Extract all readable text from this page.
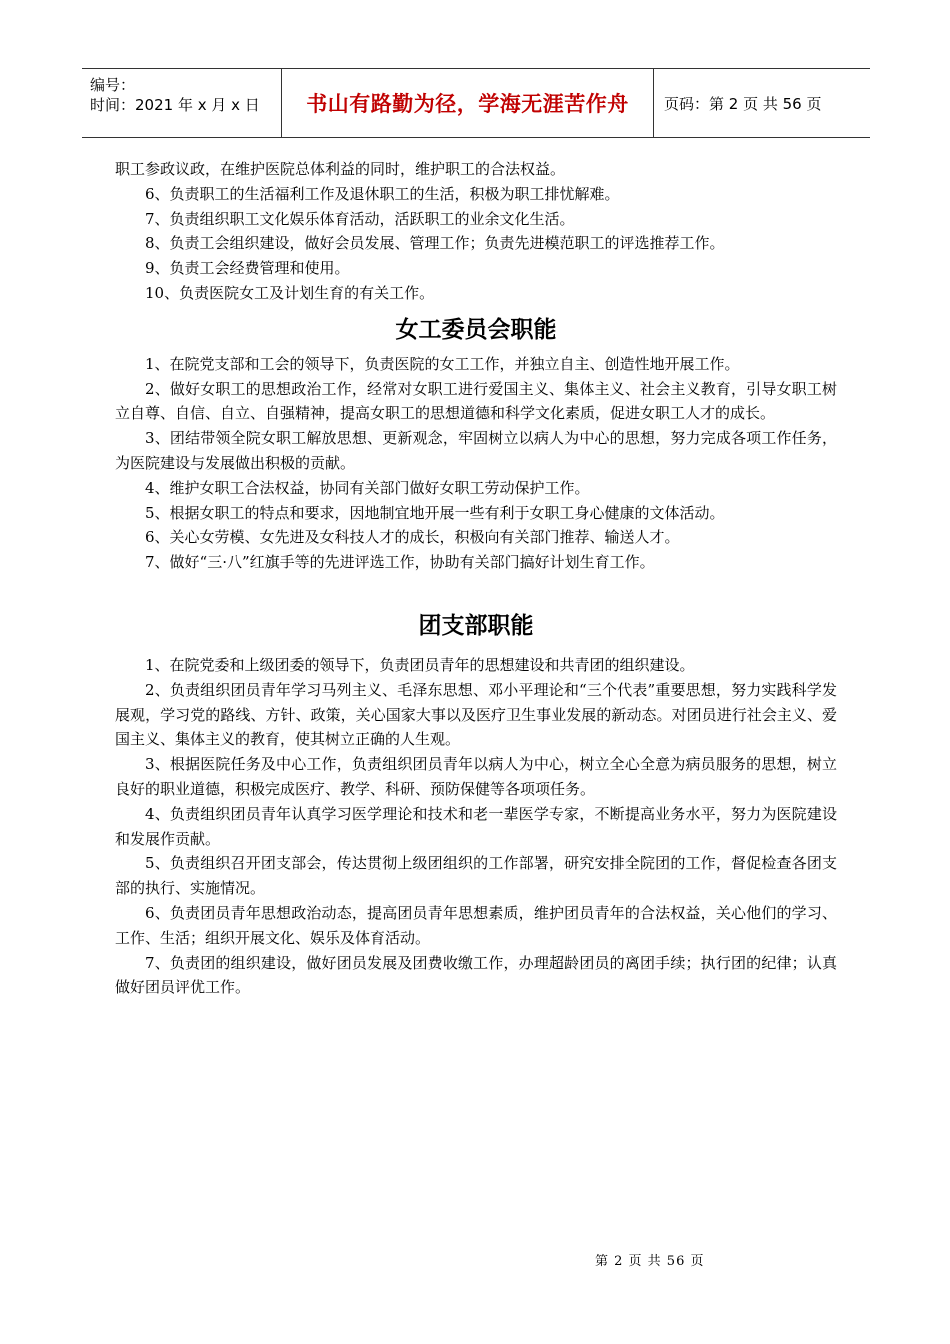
编号：
时间：2021 年 x 月 x 日	书山有路勤为径，学海无涯苦作舟	页码：第 2 页 共 56 页

职工参政议政，在维护医院总体利益的同时，维护职工的合法权益。

6、负责职工的生活福利工作及退休职工的生活，积极为职工排忧解难。

7、负责组织职工文化娱乐体育活动，活跃职工的业余文化生活。

8、负责工会组织建设，做好会员发展、管理工作；负责先进模范职工的评选推荐工作。

9、负责工会经费管理和使用。

10、负责医院女工及计划生育的有关工作。

女工委员会职能

1、在院党支部和工会的领导下，负责医院的女工工作，并独立自主、创造性地开展工作。

2、做好女职工的思想政治工作，经常对女职工进行爱国主义、集体主义、社会主义教育，引导女职工树立自尊、自信、自立、自强精神，提高女职工的思想道德和科学文化素质，促进女职工人才的成长。

3、团结带领全院女职工解放思想、更新观念，牢固树立以病人为中心的思想，努力完成各项工作任务，为医院建设与发展做出积极的贡献。

4、维护女职工合法权益，协同有关部门做好女职工劳动保护工作。

5、根据女职工的特点和要求，因地制宜地开展一些有利于女职工身心健康的文体活动。

6、关心女劳模、女先进及女科技人才的成长，积极向有关部门推荐、输送人才。

7、做好“三·八”红旗手等的先进评选工作，协助有关部门搞好计划生育工作。

团支部职能

1、在院党委和上级团委的领导下，负责团员青年的思想建设和共青团的组织建设。

2、负责组织团员青年学习马列主义、毛泽东思想、邓小平理论和“三个代表”重要思想，努力实践科学发展观，学习党的路线、方针、政策，关心国家大事以及医疗卫生事业发展的新动态。对团员进行社会主义、爱国主义、集体主义的教育，使其树立正确的人生观。

3、根据医院任务及中心工作，负责组织团员青年以病人为中心，树立全心全意为病员服务的思想，树立良好的职业道德，积极完成医疗、教学、科研、预防保健等各项项任务。

4、负责组织团员青年认真学习医学理论和技术和老一辈医学专家，不断提高业务水平，努力为医院建设和发展作贡献。

5、负责组织召开团支部会，传达贯彻上级团组织的工作部署，研究安排全院团的工作，督促检查各团支部的执行、实施情况。

6、负责团员青年思想政治动态，提高团员青年思想素质，维护团员青年的合法权益，关心他们的学习、工作、生活；组织开展文化、娱乐及体育活动。

7、负责团的组织建设，做好团员发展及团费收缴工作，办理超龄团员的离团手续；执行团的纪律；认真做好团员评优工作。

第 2 页 共 56 页
